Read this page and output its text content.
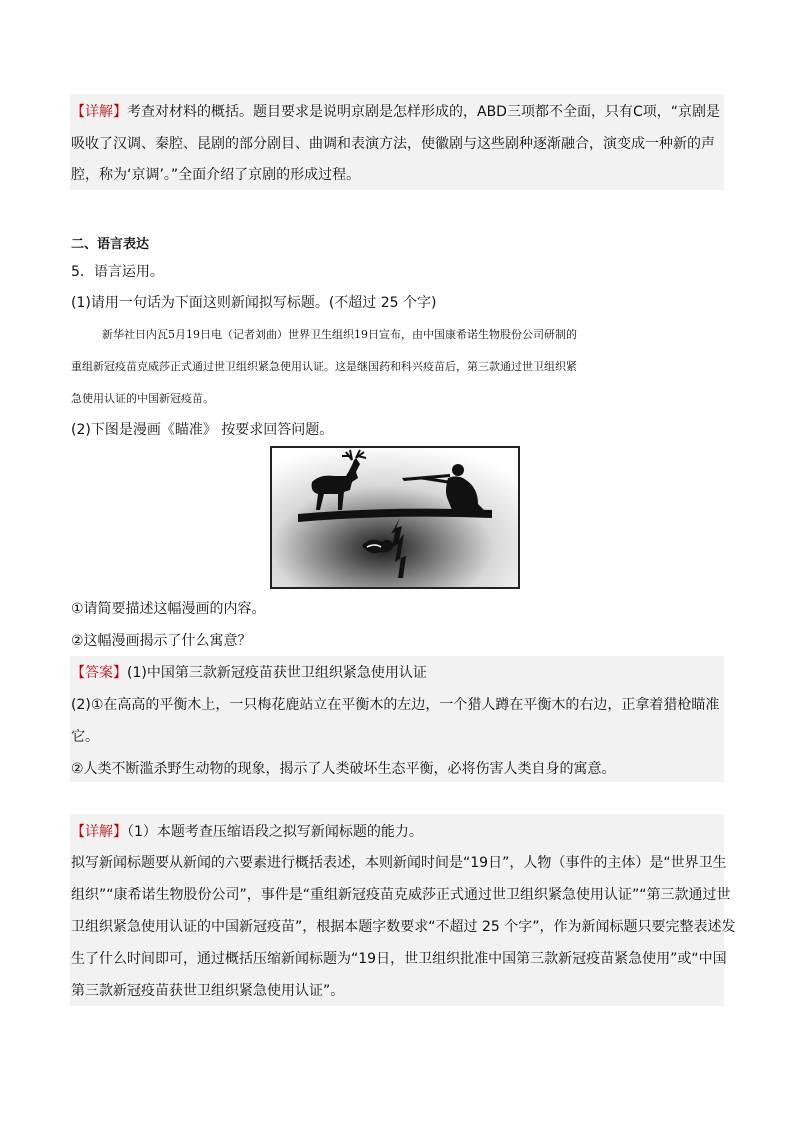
【详解】考查对材料的概括。题目要求是说明京剧是怎样形成的，ABD三项都不全面，只有C项，“京剧是
吸收了汉调、秦腔、昆剧的部分剧目、曲调和表演方法，使徽剧与这些剧种逐渐融合，演变成一种新的声
腔，称为‘京调’。”全面介绍了京剧的形成过程。
二、语言表达
5．语言运用。
(1)请用一句话为下面这则新闻拟写标题。(不超过 25 个字)
新华社日内瓦5月19日电（记者刘曲）世界卫生组织19日宣布，由中国康希诺生物股份公司研制的
重组新冠疫苗克威莎正式通过世卫组织紧急使用认证。这是继国药和科兴疫苗后，第三款通过世卫组织紧
急使用认证的中国新冠疫苗。
(2)下图是漫画《瞄准》 按要求回答问题。
①请简要描述这幅漫画的内容。
②这幅漫画揭示了什么寓意？
【答案】(1)中国第三款新冠疫苗获世卫组织紧急使用认证
(2)①在高高的平衡木上，一只梅花鹿站立在平衡木的左边，一个猎人蹲在平衡木的右边，正拿着猎枪瞄准
它。
②人类不断滥杀野生动物的现象，揭示了人类破坏生态平衡，必将伤害人类自身的寓意。
【详解】（1）本题考查压缩语段之拟写新闻标题的能力。
拟写新闻标题要从新闻的六要素进行概括表述，本则新闻时间是“19日”，人物（事件的主体）是“世界卫生
组织”“康希诺生物股份公司”，事件是“重组新冠疫苗克威莎正式通过世卫组织紧急使用认证”“第三款通过世
卫组织紧急使用认证的中国新冠疫苗”，根据本题字数要求“不超过 25 个字”，作为新闻标题只要完整表述发
生了什么时间即可，通过概括压缩新闻标题为“19日，世卫组织批准中国第三款新冠疫苗紧急使用”或“中国
第三款新冠疫苗获世卫组织紧急使用认证”。
